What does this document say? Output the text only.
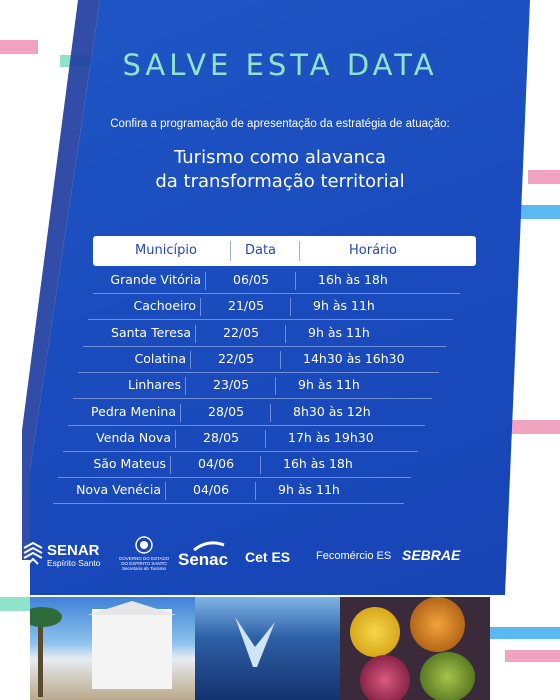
SALVE ESTA DATA

Confira a programação de apresentação da estratégia de atuação:

Turismo como alavanca
da transformação territorial
Município	Data	Horário
Grande Vitória	06/05	16h às 18h
Cachoeiro	21/05	9h às 11h
Santa Teresa	22/05	9h às 11h
Colatina	22/05	14h30 às 16h30
Linhares	23/05	9h às 11h
Pedra Menina	28/05	8h30 às 12h
Venda Nova	28/05	17h às 19h30
São Mateus	04/06	16h às 18h
Nova Venécia	04/06	9h às 11h
SENAR
Espírito Santo	GOVERNO DO ESTADO
DO ESPÍRITO SANTO
Secretaria do Turismo Senac Cet ES Fecomércio ES SEBRAE
